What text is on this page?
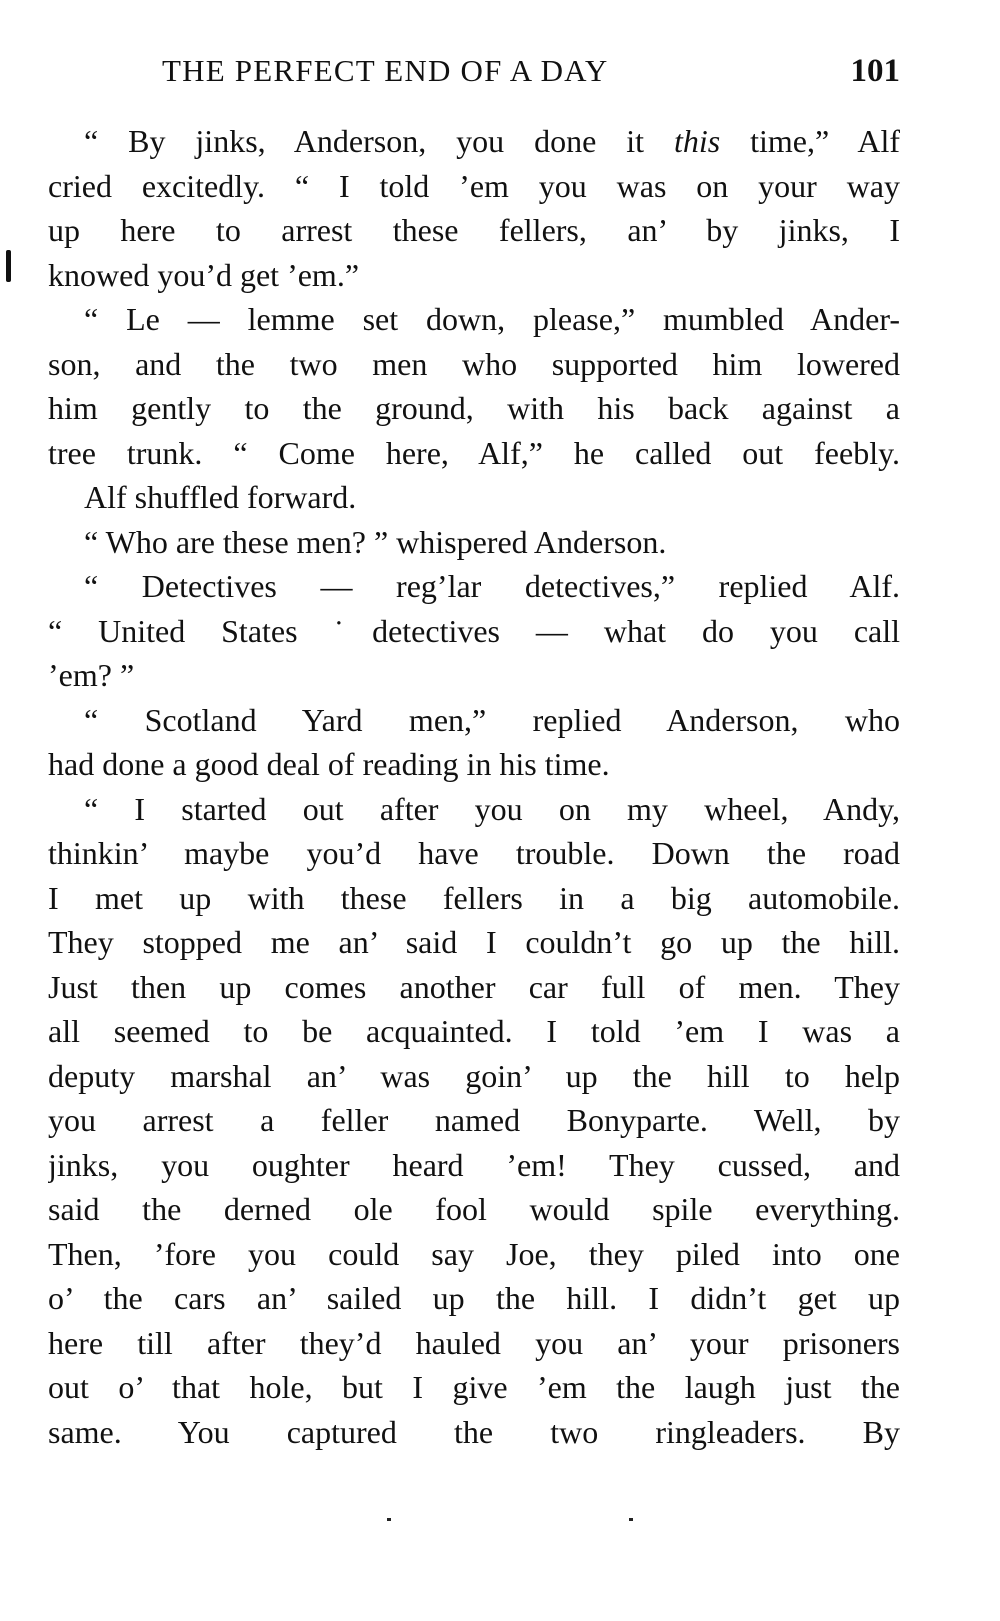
THE PERFECT END OF A DAY	101
“ By jinks, Anderson, you done it this time,” Alf
cried excitedly. “ I told ’em you was on your way
up here to arrest these fellers, an’ by jinks, I
knowed you’d get ’em.”
“ Le — lemme set down, please,” mumbled Ander-
son, and the two men who supported him lowered
him gently to the ground, with his back against a
tree trunk. “ Come here, Alf,” he called out feebly.
Alf shuffled forward.
“ Who are these men? ” whispered Anderson.
“ Detectives — reg’lar detectives,” replied Alf.
“ United States ˙detectives — what do you call
’em? ”
“ Scotland Yard men,” replied Anderson, who
had done a good deal of reading in his time.
“ I started out after you on my wheel, Andy,
thinkin’ maybe you’d have trouble. Down the road
I met up with these fellers in a big automobile.
They stopped me an’ said I couldn’t go up the hill.
Just then up comes another car full of men. They
all seemed to be acquainted. I told ’em I was a
deputy marshal an’ was goin’ up the hill to help
you arrest a feller named Bonyparte. Well, by
jinks, you oughter heard ’em! They cussed, and
said the derned ole fool would spile everything.
Then, ’fore you could say Joe, they piled into one
o’ the cars an’ sailed up the hill. I didn’t get up
here till after they’d hauled you an’ your prisoners
out o’ that hole, but I give ’em the laugh just the
same. You captured the two ringleaders. By
